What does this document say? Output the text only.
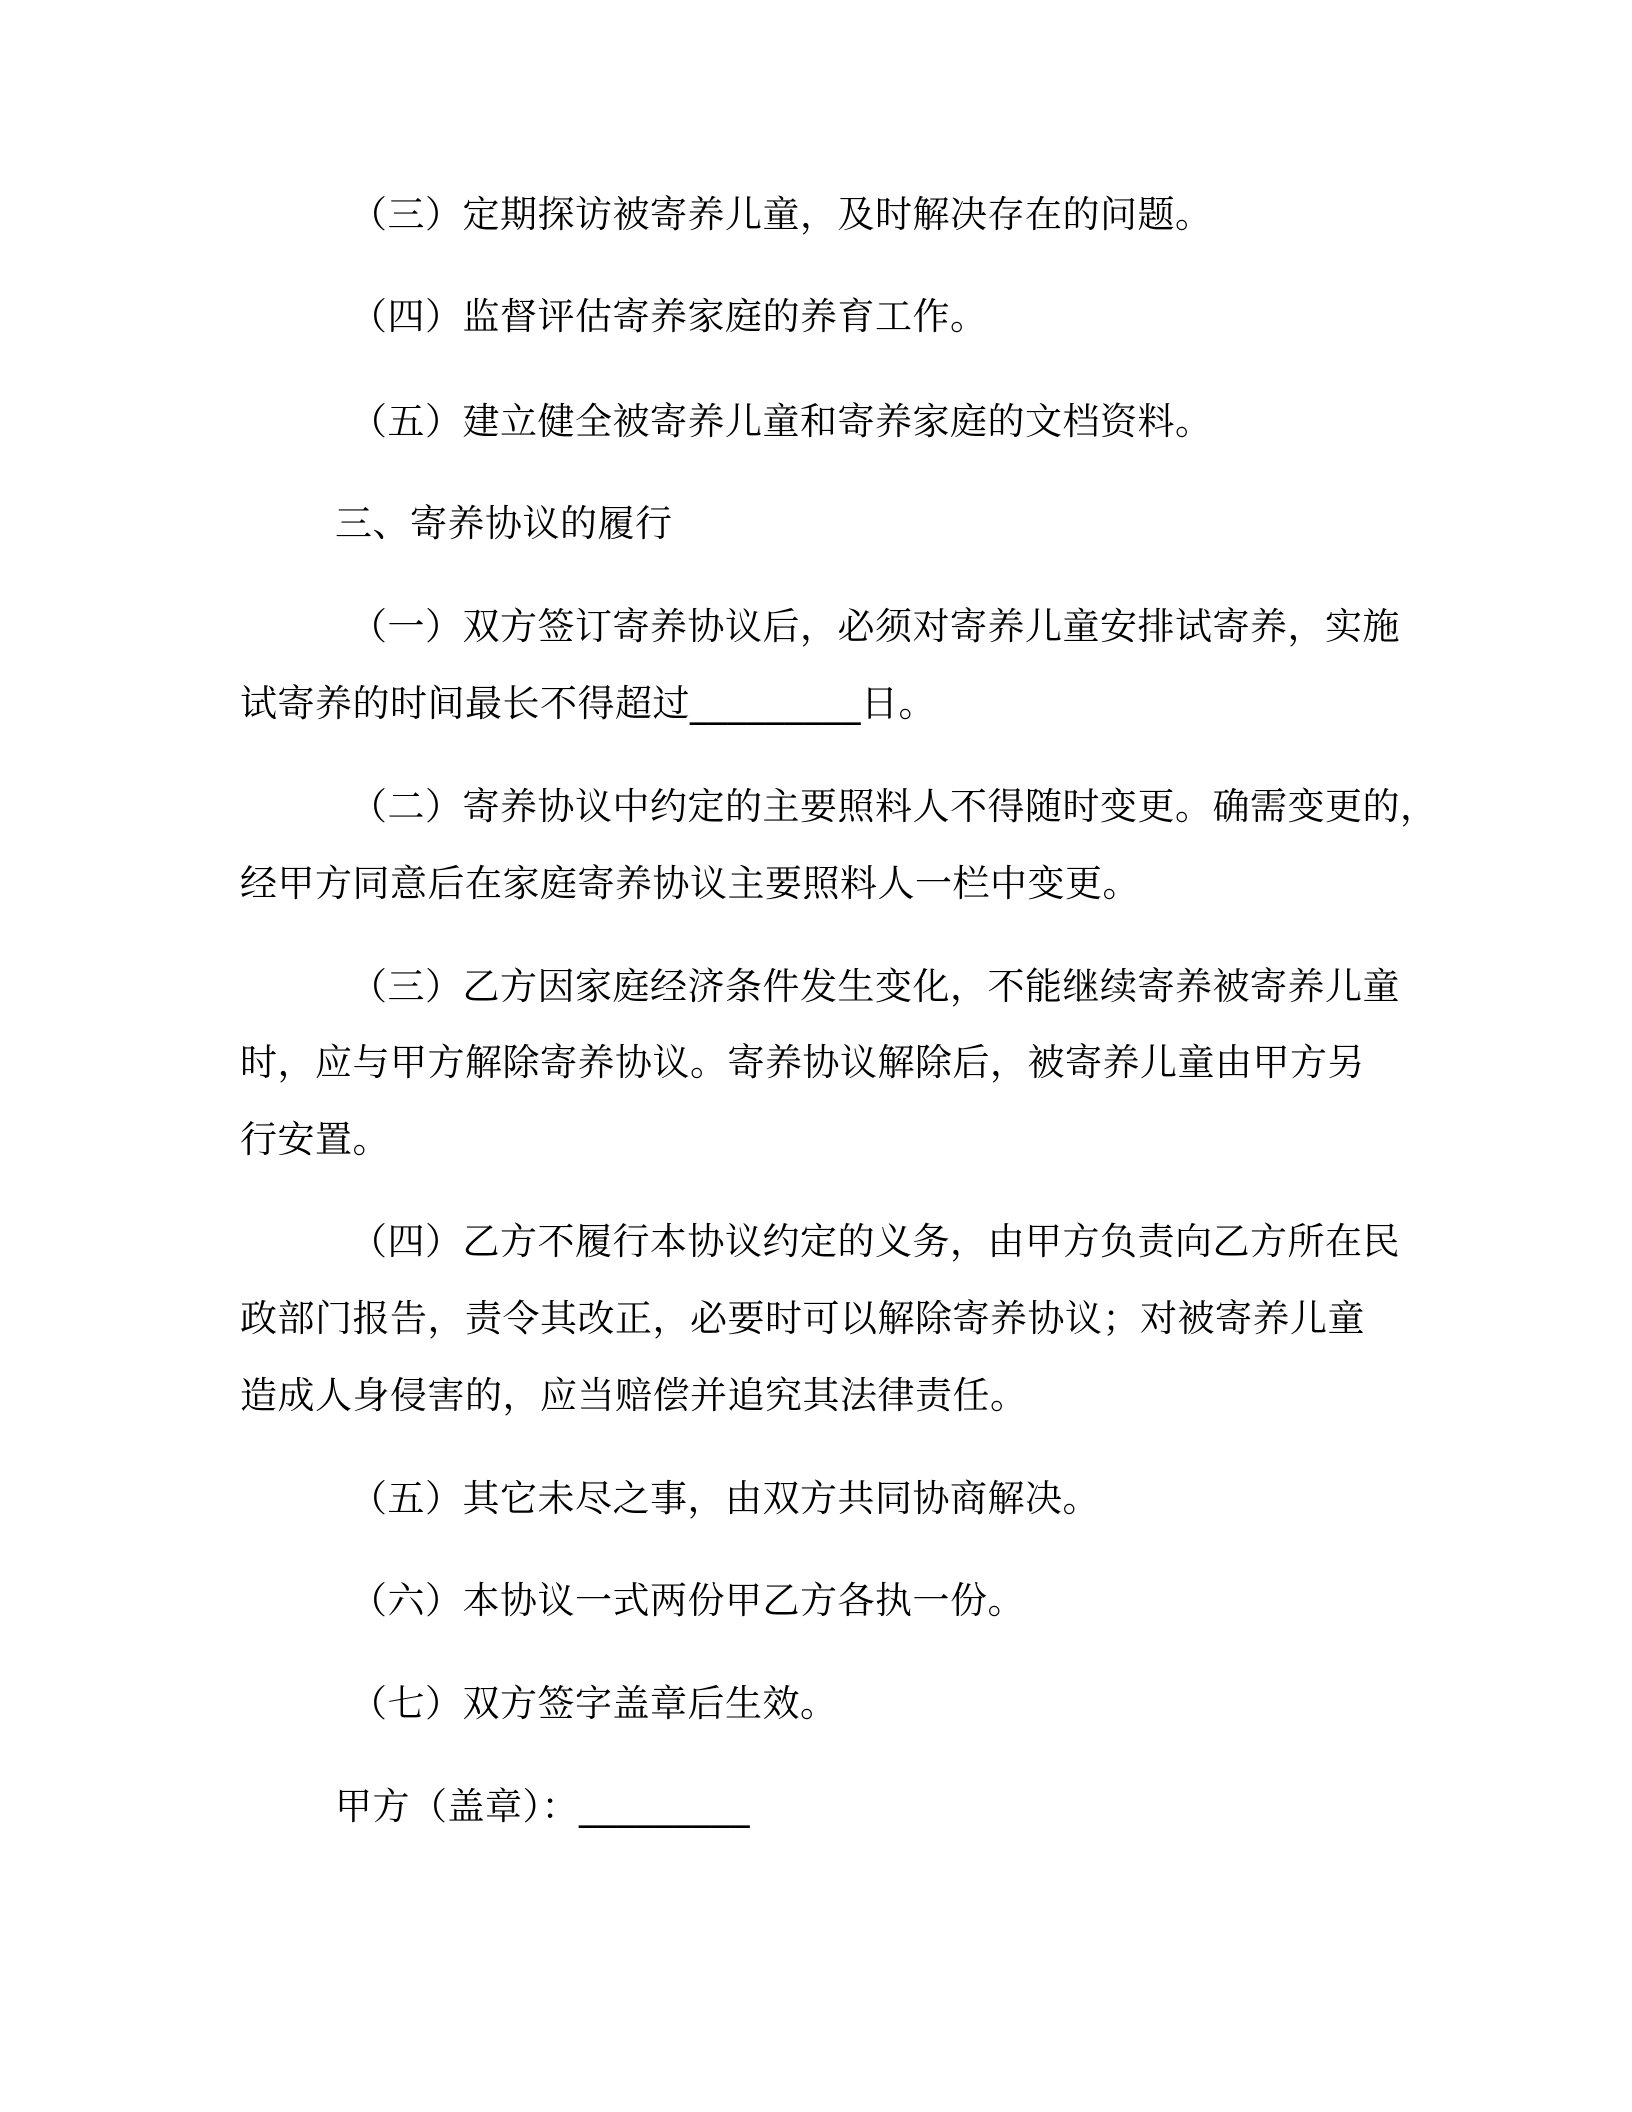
（三）定期探访被寄养儿童，及时解决存在的问题。
（四）监督评估寄养家庭的养育工作。
（五）建立健全被寄养儿童和寄养家庭的文档资料。
三、寄养协议的履行
（一）双方签订寄养协议后，必须对寄养儿童安排试寄养，实施
试寄养的时间最长不得超过_________日。
（二）寄养协议中约定的主要照料人不得随时变更。确需变更的，
经甲方同意后在家庭寄养协议主要照料人一栏中变更。
（三）乙方因家庭经济条件发生变化，不能继续寄养被寄养儿童
时，应与甲方解除寄养协议。寄养协议解除后，被寄养儿童由甲方另
行安置。
（四）乙方不履行本协议约定的义务，由甲方负责向乙方所在民
政部门报告，责令其改正，必要时可以解除寄养协议；对被寄养儿童
造成人身侵害的，应当赔偿并追究其法律责任。
（五）其它未尽之事，由双方共同协商解决。
（六）本协议一式两份甲乙方各执一份。
（七）双方签字盖章后生效。
甲方（盖章）：_________
